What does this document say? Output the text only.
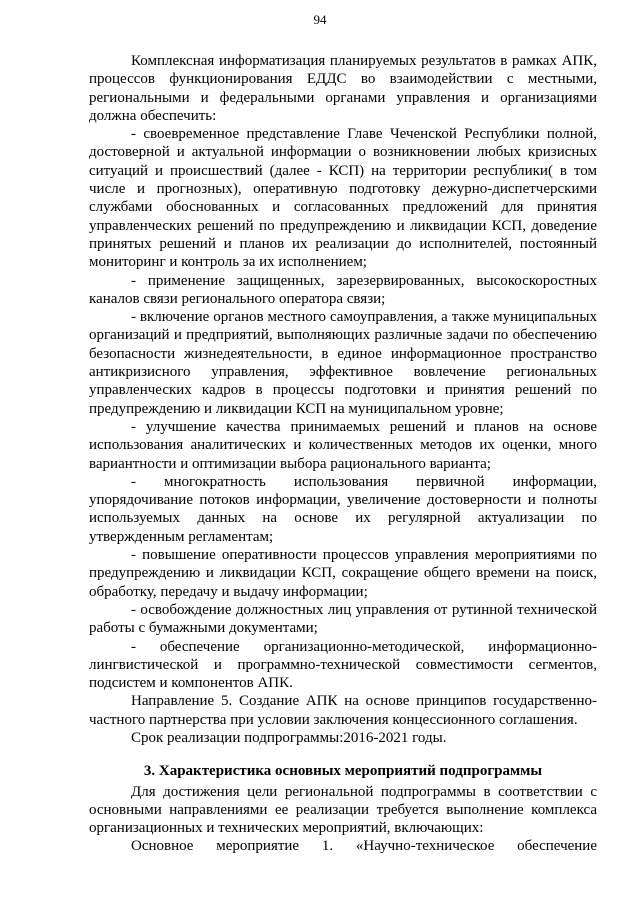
94

Комплексная информатизация планируемых результатов в рамках АПК, процессов функционирования ЕДДС во взаимодействии с местными, региональными и федеральными органами управления и организациями должна обеспечить:

- своевременное представление Главе Чеченской Республики полной, достоверной и актуальной информации о возникновении любых кризисных ситуаций и происшествий (далее - КСП) на территории республики( в том числе и прогнозных), оперативную подготовку дежурно-диспетчерскими службами обоснованных и согласованных предложений для принятия управленческих решений по предупреждению и ликвидации КСП, доведение принятых решений и планов их реализации до исполнителей, постоянный мониторинг и контроль за их исполнением;

- применение защищенных, зарезервированных, высокоскоростных каналов связи регионального оператора связи;

- включение органов местного самоуправления, а также муниципальных организаций и предприятий, выполняющих различные задачи по обеспечению безопасности жизнедеятельности, в единое информационное пространство антикризисного управления, эффективное вовлечение региональных управленческих кадров в процессы подготовки и принятия решений по предупреждению и ликвидации КСП на муниципальном уровне;

- улучшение качества принимаемых решений и планов на основе использования аналитических и количественных методов их оценки, много вариантности и оптимизации выбора рационального варианта;

- многократность использования первичной информации, упорядочивание потоков информации, увеличение достоверности и полноты используемых данных на основе их регулярной актуализации по утвержденным регламентам;

- повышение оперативности процессов управления мероприятиями по предупреждению и ликвидации КСП, сокращение общего времени на поиск, обработку, передачу и выдачу информации;

- освобождение должностных лиц управления от рутинной технической работы с бумажными документами;

- обеспечение организационно-методической, информационно-лингвистической и программно-технической совместимости сегментов, подсистем и компонентов АПК.

Направление 5. Создание АПК на основе принципов государственно-частного партнерства при условии заключения концессионного соглашения.

Срок реализации подпрограммы:2016-2021 годы.

3. Характеристика основных мероприятий подпрограммы

Для достижения цели региональной подпрограммы в соответствии с основными направлениями ее реализации требуется выполнение комплекса организационных и технических мероприятий, включающих:

Основное мероприятие 1. «Научно-техническое обеспечение
